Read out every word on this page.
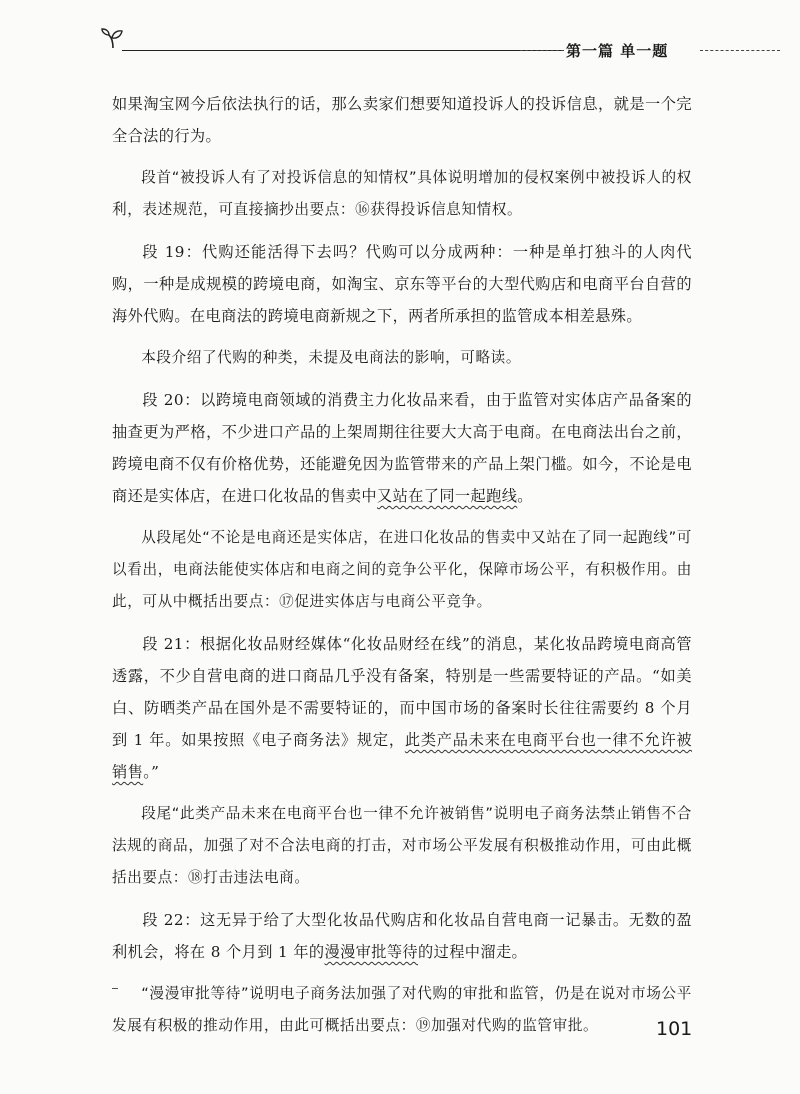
第一篇 单一题

如果淘宝网今后依法执行的话，那么卖家们想要知道投诉人的投诉信息，就是一个完全合法的行为。

段首“被投诉人有了对投诉信息的知情权”具体说明增加的侵权案例中被投诉人的权利，表述规范，可直接摘抄出要点：⑯获得投诉信息知情权。

段 19：代购还能活得下去吗？代购可以分成两种：一种是单打独斗的人肉代购，一种是成规模的跨境电商，如淘宝、京东等平台的大型代购店和电商平台自营的海外代购。在电商法的跨境电商新规之下，两者所承担的监管成本相差悬殊。

本段介绍了代购的种类，未提及电商法的影响，可略读。

段 20：以跨境电商领域的消费主力化妆品来看，由于监管对实体店产品备案的抽查更为严格，不少进口产品的上架周期往往要大大高于电商。在电商法出台之前，跨境电商不仅有价格优势，还能避免因为监管带来的产品上架门槛。如今，不论是电商还是实体店，在进口化妆品的售卖中又站在了同一起跑线。

从段尾处“不论是电商还是实体店，在进口化妆品的售卖中又站在了同一起跑线”可以看出，电商法能使实体店和电商之间的竞争公平化，保障市场公平，有积极作用。由此，可从中概括出要点：⑰促进实体店与电商公平竞争。

段 21：根据化妆品财经媒体“化妆品财经在线”的消息，某化妆品跨境电商高管透露，不少自营电商的进口商品几乎没有备案，特别是一些需要特证的产品。“如美白、防晒类产品在国外是不需要特证的，而中国市场的备案时长往往需要约 8 个月到 1 年。如果按照《电子商务法》规定，此类产品未来在电商平台也一律不允许被销售。”

段尾“此类产品未来在电商平台也一律不允许被销售”说明电子商务法禁止销售不合法规的商品，加强了对不合法电商的打击，对市场公平发展有积极推动作用，可由此概括出要点：⑱打击违法电商。

段 22：这无异于给了大型化妆品代购店和化妆品自营电商一记暴击。无数的盈利机会，将在 8 个月到 1 年的漫漫审批等待的过程中溜走。

“漫漫审批等待”说明电子商务法加强了对代购的审批和监管，仍是在说对市场公平发展有积极的推动作用，由此可概括出要点：⑲加强对代购的监管审批。	101
